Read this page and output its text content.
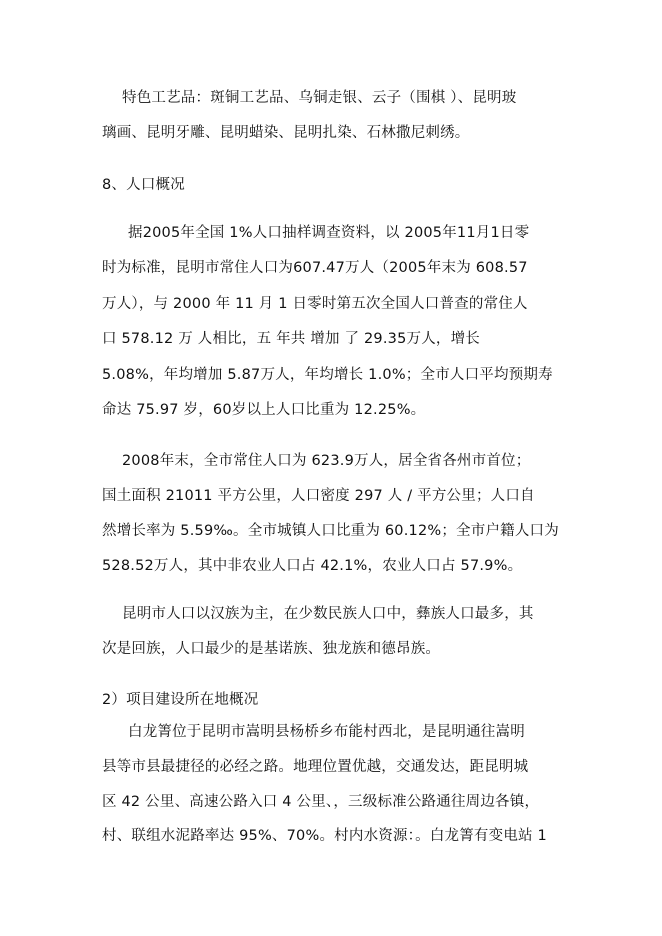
特色工艺品：斑铜工艺品、乌铜走银、云子（围棋 ）、昆明玻
璃画、昆明牙雕、昆明蜡染、昆明扎染、石林撒尼刺绣。
8、人口概况
据2005年全国 1%人口抽样调查资料，以 2005年11月1日零
时为标准，昆明市常住人口为607.47万人（2005年末为 608.57
万人），与 2000 年 11 月 1 日零时第五次全国人口普查的常住人
口 578.12 万 人相比，五 年共 增加 了 29.35万人，增长
5.08%，年均增加 5.87万人，年均增长 1.0%；全市人口平均预期寿
命达 75.97 岁，60岁以上人口比重为 12.25%。
2008年末，全市常住人口为 623.9万人，居全省各州市首位；
国土面积 21011 平方公里，人口密度 297 人 / 平方公里；人口自
然增长率为 5.59‰。全市城镇人口比重为 60.12%；全市户籍人口为
528.52万人，其中非农业人口占 42.1%，农业人口占 57.9%。
昆明市人口以汉族为主，在少数民族人口中，彝族人口最多，其
次是回族，人口最少的是基诺族、独龙族和德昂族。
2）项目建设所在地概况
白龙箐位于昆明市嵩明县杨桥乡布能村西北，是昆明通往嵩明
县等市县最捷径的必经之路。地理位置优越，交通发达，距昆明城
区 42 公里、高速公路入口 4 公里、，三级标准公路通往周边各镇，
村、联组水泥路率达 95%、70%。村内水资源：。白龙箐有变电站 1
